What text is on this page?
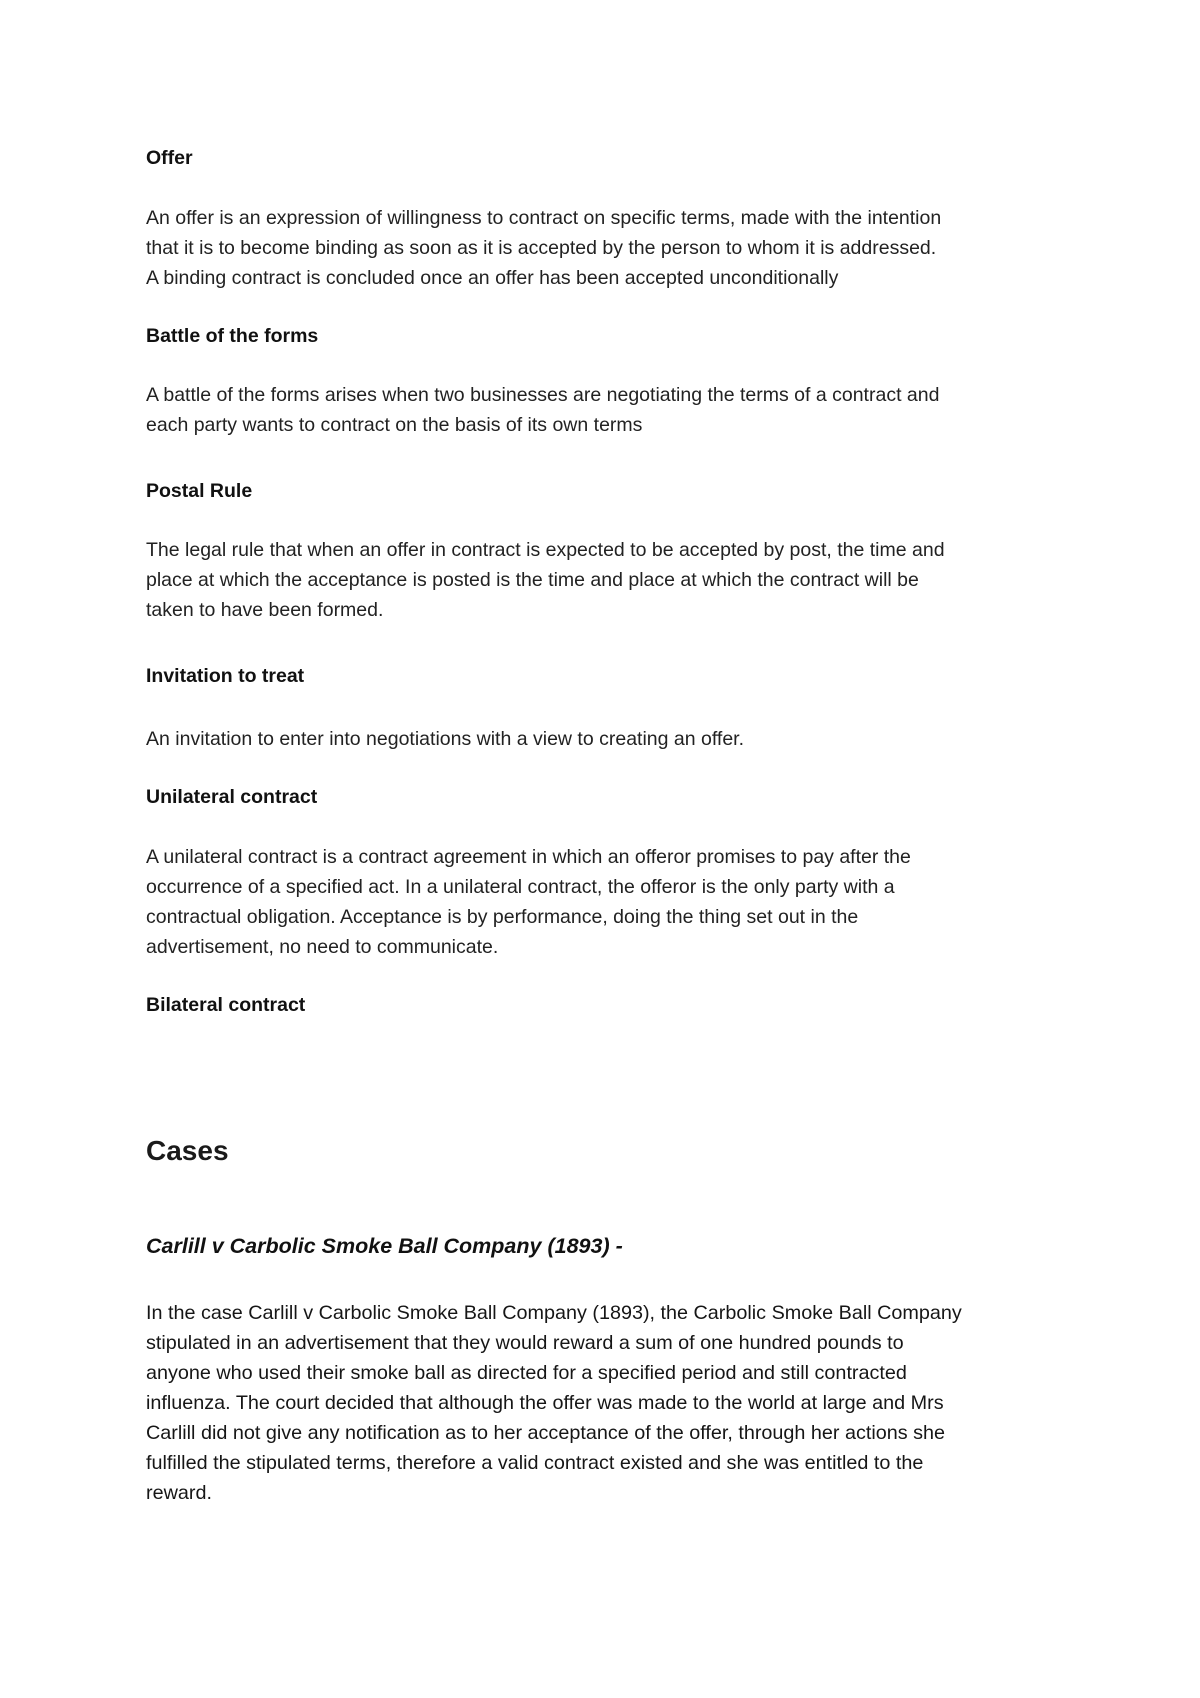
Offer
An offer is an expression of willingness to contract on specific terms, made with the intention
that it is to become binding as soon as it is accepted by the person to whom it is addressed.
A binding contract is concluded once an offer has been accepted unconditionally
Battle of the forms
A battle of the forms arises when two businesses are negotiating the terms of a contract and
each party wants to contract on the basis of its own terms
Postal Rule
The legal rule that when an offer in contract is expected to be accepted by post, the time and
place at which the acceptance is posted is the time and place at which the contract will be
taken to have been formed.
Invitation to treat
An invitation to enter into negotiations with a view to creating an offer.
Unilateral contract
A unilateral contract is a contract agreement in which an offeror promises to pay after the
occurrence of a specified act. In a unilateral contract, the offeror is the only party with a
contractual obligation. Acceptance is by performance, doing the thing set out in the
advertisement, no need to communicate.
Bilateral contract
Cases
Carlill v Carbolic Smoke Ball Company (1893) -
In the case Carlill v Carbolic Smoke Ball Company (1893), the Carbolic Smoke Ball Company
stipulated in an advertisement that they would reward a sum of one hundred pounds to
anyone who used their smoke ball as directed for a specified period and still contracted
influenza. The court decided that although the offer was made to the world at large and Mrs
Carlill did not give any notification as to her acceptance of the offer, through her actions she
fulfilled the stipulated terms, therefore a valid contract existed and she was entitled to the
reward.
